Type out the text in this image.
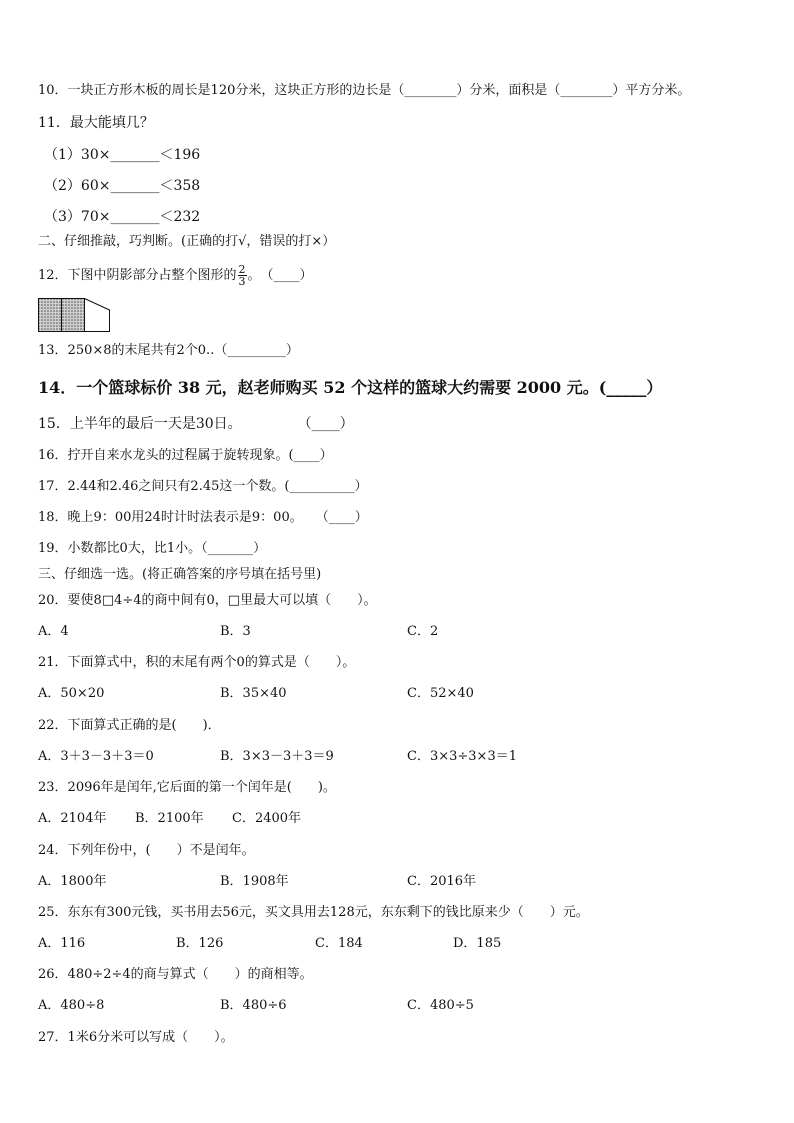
10．一块正方形木板的周长是120分米，这块正方形的边长是（________）分米，面积是（________）平方分米。
11．最大能填几？
（1）30×_______＜196
（2）60×_______＜358
（3）70×_______＜232
二、仔细推敲，巧判断。(正确的打√，错误的打×）
12．下图中阴影部分占整个图形的 $\frac{2}{3}$ 。　（____）
13．250×8的末尾共有2个0..（_________）
14．一个篮球标价 38 元，赵老师购买 52 个这样的篮球大约需要 2000 元。(_____）
15．上半年的最后一天是30日。　　　　　（____）
16．拧开自来水龙头的过程属于旋转现象。(____）
17．2.44和2.46之间只有2.45这一个数。(__________）
18．晚上9：00用24时计时法表示是9：00。　　（____）
19．小数都比0大，比1小。（_______）
三、仔细选一选。(将正确答案的序号填在括号里)
20．要使8□4÷4的商中间有0，□里最大可以填（　　）。
A．4	B．3	C．2
21．下面算式中，积的末尾有两个0的算式是（　　）。
A．50×20	B．35×40	C．52×40
22．下面算式正确的是(　　)．
A．3＋3－3＋3＝0	B．3×3－3＋3＝9	C．3×3÷3×3＝1
23．2096年是闰年,它后面的第一个闰年是(　　)。
A．2104年 B．2100年 C．2400年
24．下列年份中，(　　）不是闰年。
A．1800年	B．1908年	C．2016年
25．东东有300元钱，买书用去56元，买文具用去128元，东东剩下的钱比原来少（　　）元。
A．116	B．126	C．184	D．185
26．480÷2÷4的商与算式（　　）的商相等。
A．480÷8	B．480÷6	C．480÷5
27．1米6分米可以写成（　　）。
